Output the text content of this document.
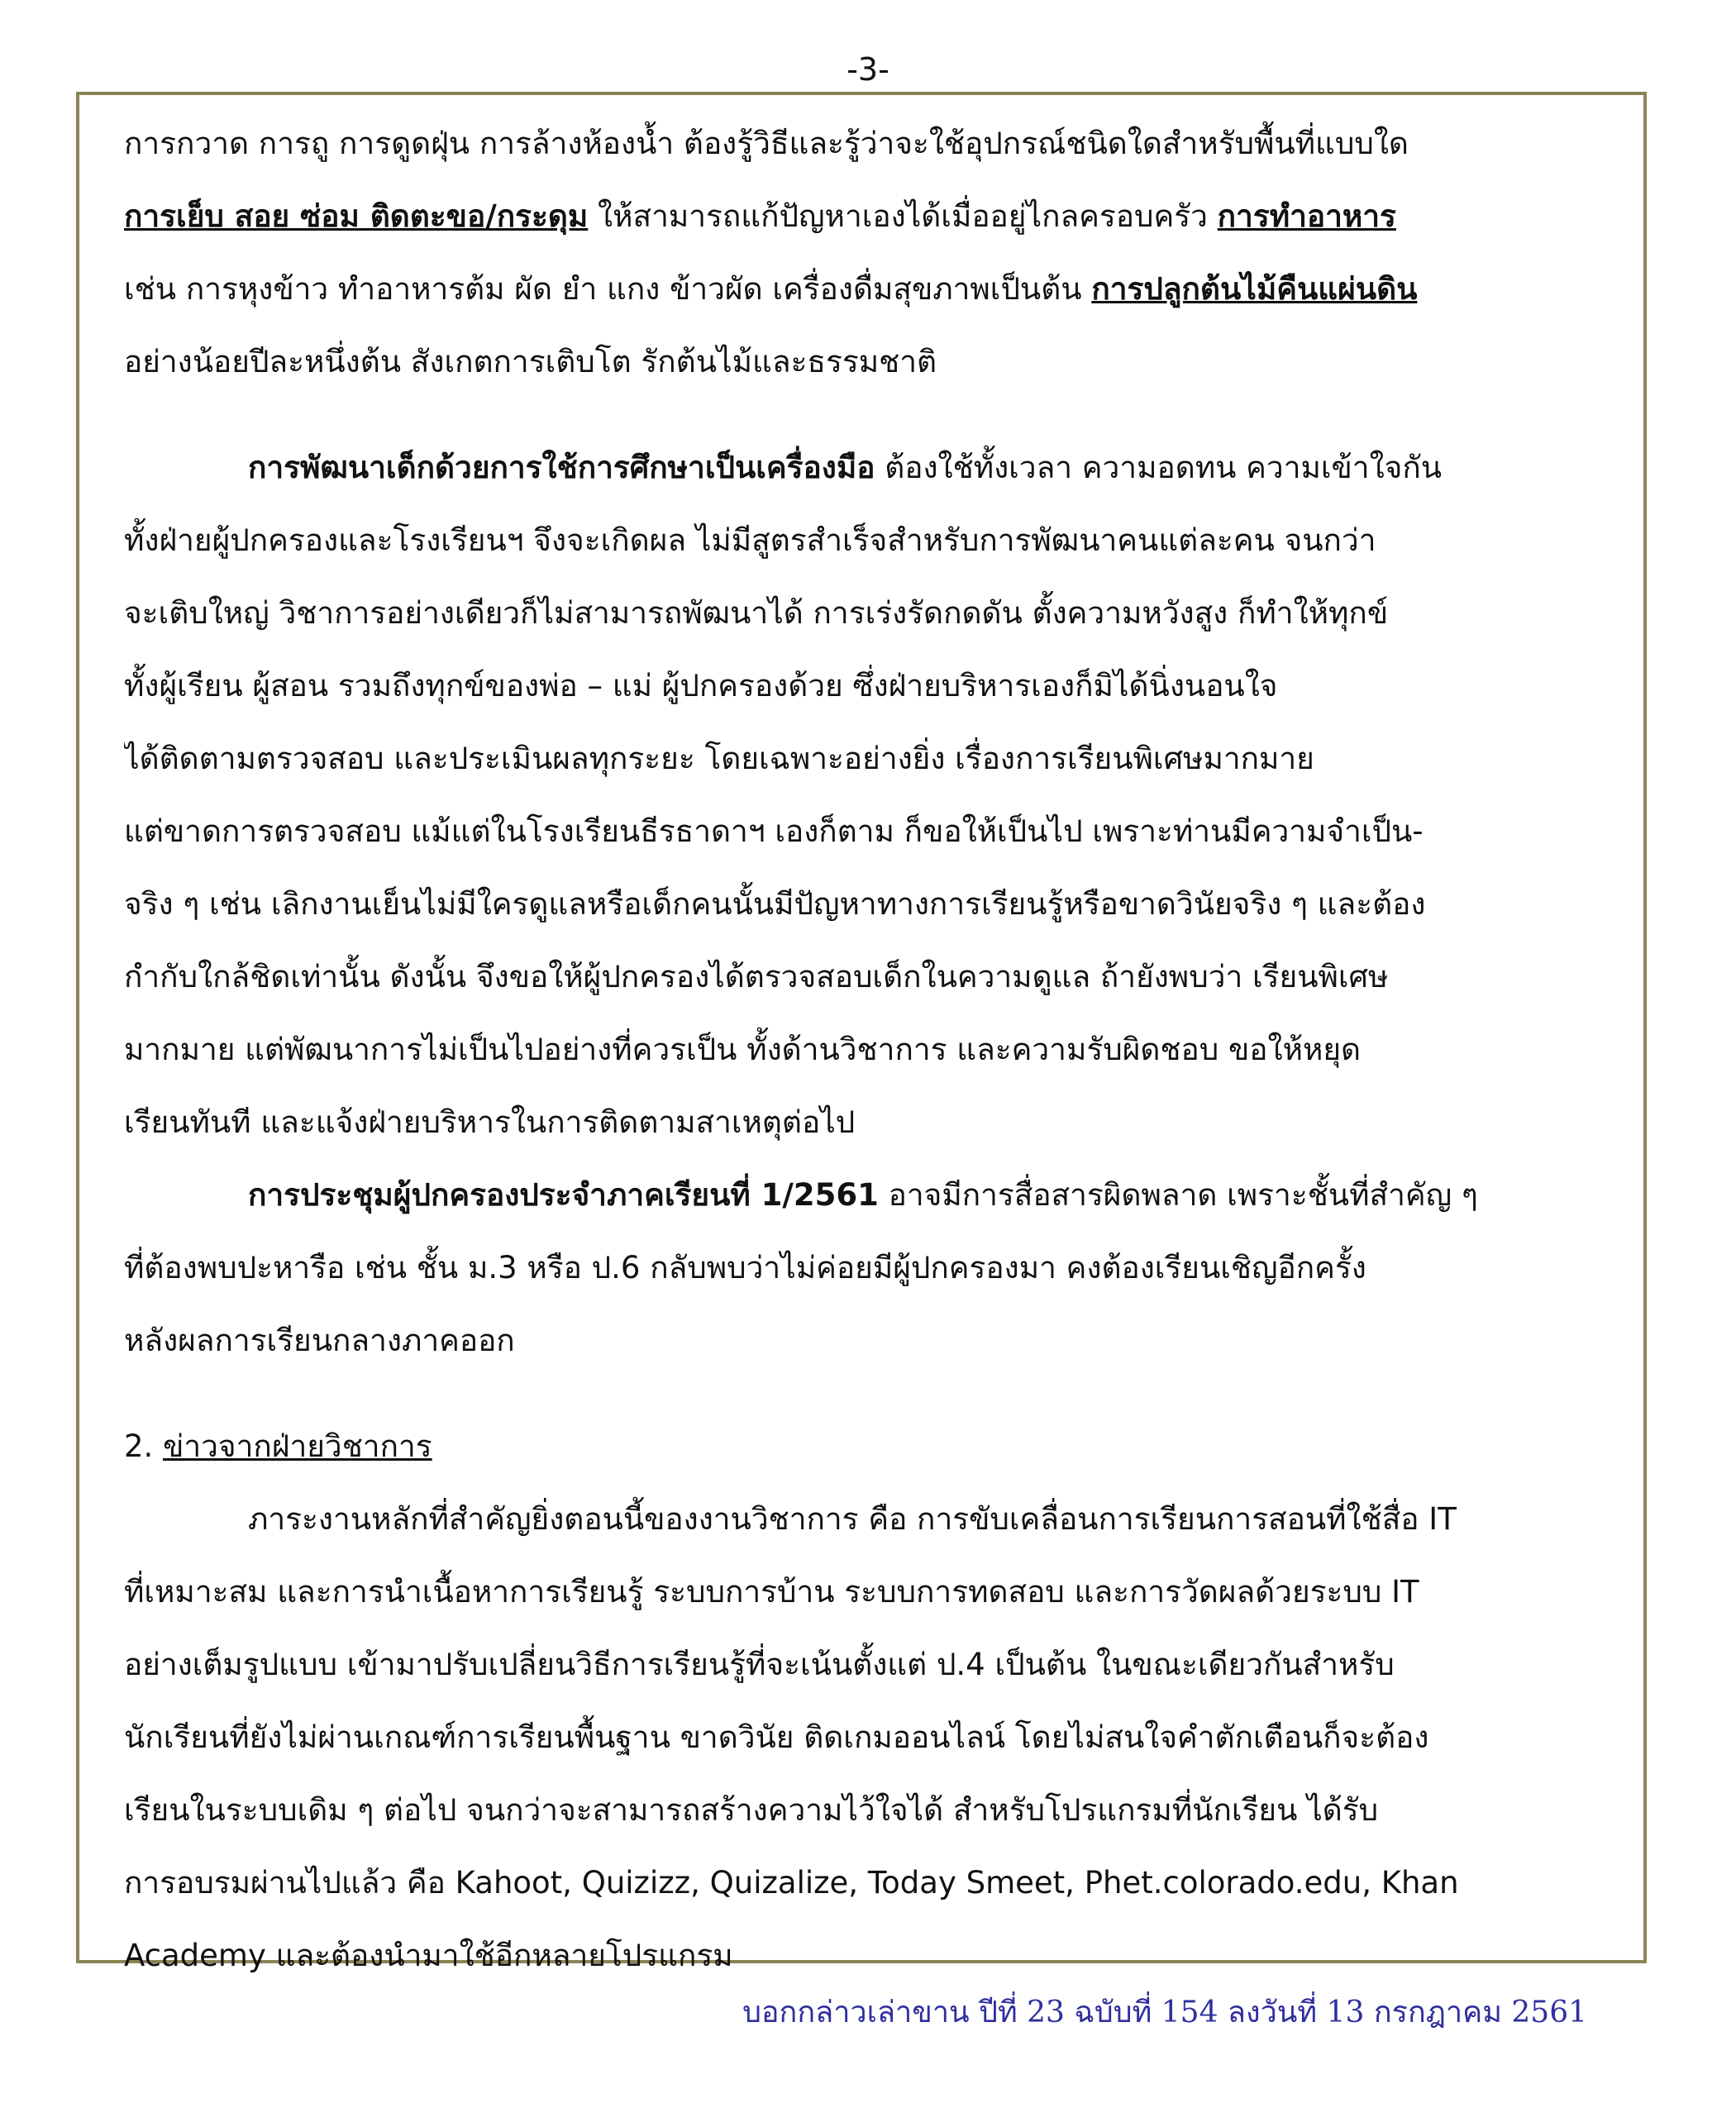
-3-
การกวาด การถู การดูดฝุ่น การล้างห้องน้ำ ต้องรู้วิธีและรู้ว่าจะใช้อุปกรณ์ชนิดใดสำหรับพื้นที่แบบใด
การเย็บ สอย ซ่อม ติดตะขอ/กระดุม ให้สามารถแก้ปัญหาเองได้เมื่ออยู่ไกลครอบครัว การทำอาหาร
เช่น การหุงข้าว ทำอาหารต้ม ผัด ยำ แกง ข้าวผัด เครื่องดื่มสุขภาพเป็นต้น การปลูกต้นไม้คืนแผ่นดิน
อย่างน้อยปีละหนึ่งต้น สังเกตการเติบโต รักต้นไม้และธรรมชาติ
การพัฒนาเด็กด้วยการใช้การศึกษาเป็นเครื่องมือ ต้องใช้ทั้งเวลา ความอดทน ความเข้าใจกัน
ทั้งฝ่ายผู้ปกครองและโรงเรียนฯ จึงจะเกิดผล ไม่มีสูตรสำเร็จสำหรับการพัฒนาคนแต่ละคน จนกว่า
จะเติบใหญ่ วิชาการอย่างเดียวก็ไม่สามารถพัฒนาได้ การเร่งรัดกดดัน ตั้งความหวังสูง ก็ทำให้ทุกข์
ทั้งผู้เรียน ผู้สอน รวมถึงทุกข์ของพ่อ – แม่ ผู้ปกครองด้วย ซึ่งฝ่ายบริหารเองก็มิได้นิ่งนอนใจ
ได้ติดตามตรวจสอบ และประเมินผลทุกระยะ โดยเฉพาะอย่างยิ่ง เรื่องการเรียนพิเศษมากมาย
แต่ขาดการตรวจสอบ แม้แต่ในโรงเรียนธีรธาดาฯ เองก็ตาม ก็ขอให้เป็นไป เพราะท่านมีความจำเป็น-
จริง ๆ เช่น เลิกงานเย็นไม่มีใครดูแลหรือเด็กคนนั้นมีปัญหาทางการเรียนรู้หรือขาดวินัยจริง ๆ และต้อง
กำกับใกล้ชิดเท่านั้น ดังนั้น จึงขอให้ผู้ปกครองได้ตรวจสอบเด็กในความดูแล ถ้ายังพบว่า เรียนพิเศษ
มากมาย แต่พัฒนาการไม่เป็นไปอย่างที่ควรเป็น ทั้งด้านวิชาการ และความรับผิดชอบ ขอให้หยุด
เรียนทันที และแจ้งฝ่ายบริหารในการติดตามสาเหตุต่อไป
การประชุมผู้ปกครองประจำภาคเรียนที่ 1/2561 อาจมีการสื่อสารผิดพลาด เพราะชั้นที่สำคัญ ๆ
ที่ต้องพบปะหารือ เช่น ชั้น ม.3 หรือ ป.6 กลับพบว่าไม่ค่อยมีผู้ปกครองมา คงต้องเรียนเชิญอีกครั้ง
หลังผลการเรียนกลางภาคออก
2. ข่าวจากฝ่ายวิชาการ
ภาระงานหลักที่สำคัญยิ่งตอนนี้ของงานวิชาการ คือ การขับเคลื่อนการเรียนการสอนที่ใช้สื่อ IT
ที่เหมาะสม และการนำเนื้อหาการเรียนรู้ ระบบการบ้าน ระบบการทดสอบ และการวัดผลด้วยระบบ IT
อย่างเต็มรูปแบบ เข้ามาปรับเปลี่ยนวิธีการเรียนรู้ที่จะเน้นตั้งแต่ ป.4 เป็นต้น ในขณะเดียวกันสำหรับ
นักเรียนที่ยังไม่ผ่านเกณฑ์การเรียนพื้นฐาน ขาดวินัย ติดเกมออนไลน์ โดยไม่สนใจคำตักเตือนก็จะต้อง
เรียนในระบบเดิม ๆ ต่อไป จนกว่าจะสามารถสร้างความไว้ใจได้ สำหรับโปรแกรมที่นักเรียน ได้รับ
การอบรมผ่านไปแล้ว คือ Kahoot, Quizizz, Quizalize, Today Smeet, Phet.colorado.edu, Khan
Academy และต้องนำมาใช้อีกหลายโปรแกรม
บอกกล่าวเล่าขาน ปีที่ 23 ฉบับที่ 154 ลงวันที่ 13 กรกฎาคม 2561
